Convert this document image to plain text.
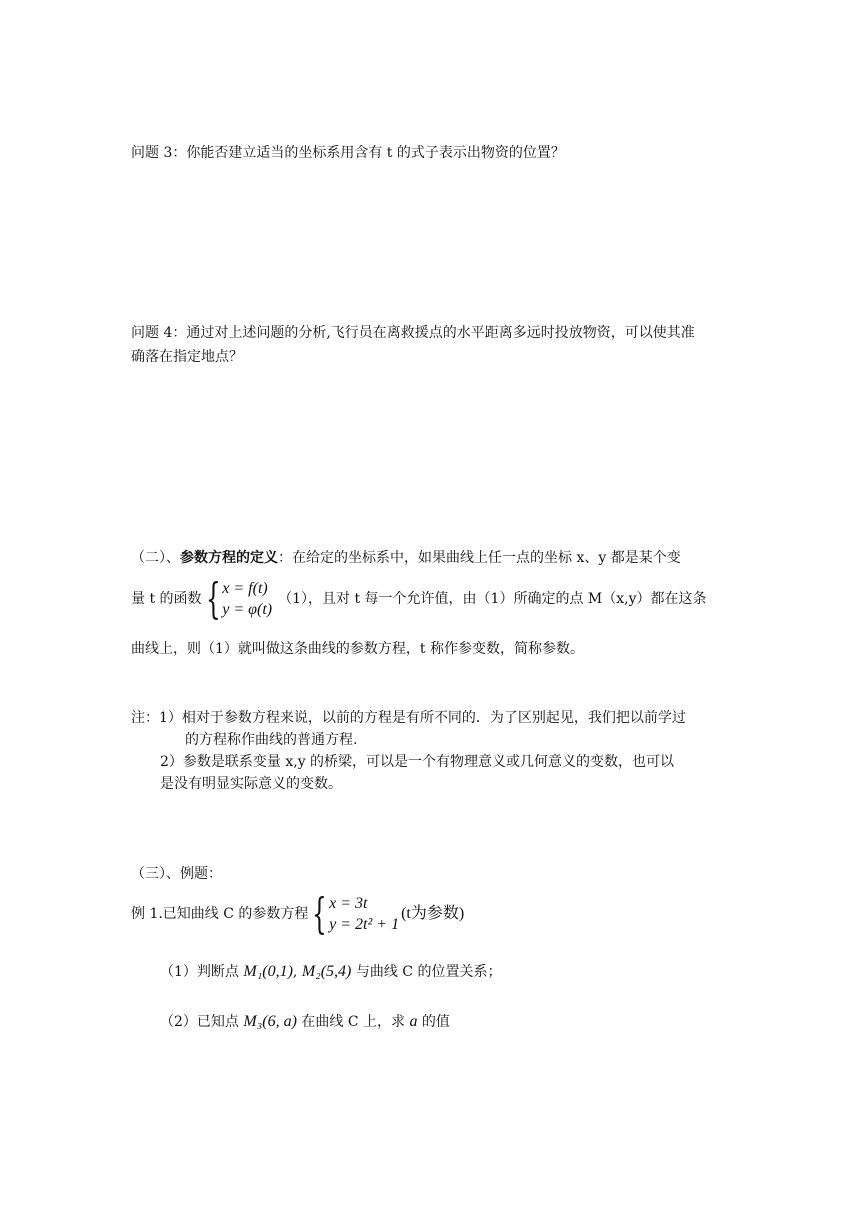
问题 3：你能否建立适当的坐标系用含有 t 的式子表示出物资的位置？
问题 4：通过对上述问题的分析,飞行员在离救援点的水平距离多远时投放物资，可以使其准
确落在指定地点？
（二）、参数方程的定义：在给定的坐标系中，如果曲线上任一点的坐标 x、y 都是某个变
量 t 的函数{ x = f(t)
y = φ(t)
（1），且对 t 每一个允许值，由（1）所确定的点 M（x,y）都在这条
曲线上，则（1）就叫做这条曲线的参数方程，t 称作参变数，简称参数。
注：1）相对于参数方程来说，以前的方程是有所不同的．为了区别起见，我们把以前学过
的方程称作曲线的普通方程.
2）参数是联系变量 x,y 的桥梁，可以是一个有物理意义或几何意义的变数，也可以
是没有明显实际意义的变数。
（三）、例题：
例 1.已知曲线 C 的参数方程{ x = 3t
y = 2t² + 1
(t为参数)
（1）判断点 M₁(0,1), M₂(5,4) 与曲线 C 的位置关系；
（2）已知点 M₃(6, a) 在曲线 C 上，求 a 的值
